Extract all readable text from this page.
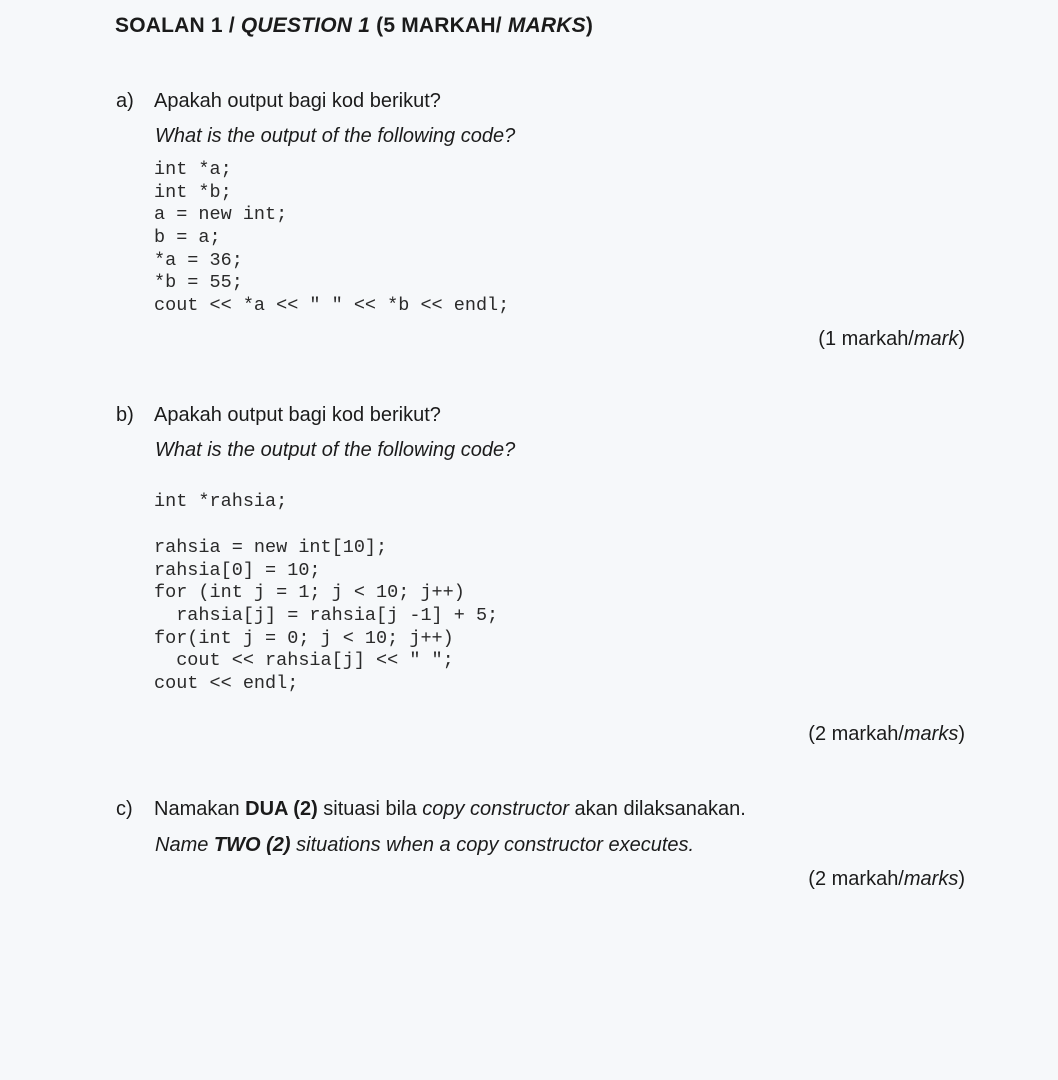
SOALAN 1 / QUESTION 1 (5 MARKAH/ MARKS)
a) Apakah output bagi kod berikut?
What is the output of the following code?
int *a;
int *b;
a = new int;
b = a;
*a = 36;
*b = 55;
cout << *a << " " << *b << endl;
(1 markah/mark)
b) Apakah output bagi kod berikut?
What is the output of the following code?
int *rahsia;
rahsia = new int[10];
rahsia[0] = 10;
for (int j = 1; j < 10; j++)
rahsia[j] = rahsia[j -1] + 5;
for(int j = 0; j < 10; j++)
cout << rahsia[j] << " ";
cout << endl;
(2 markah/marks)
c) Namakan DUA (2) situasi bila copy constructor akan dilaksanakan.
Name TWO (2) situations when a copy constructor executes.
(2 markah/marks)
